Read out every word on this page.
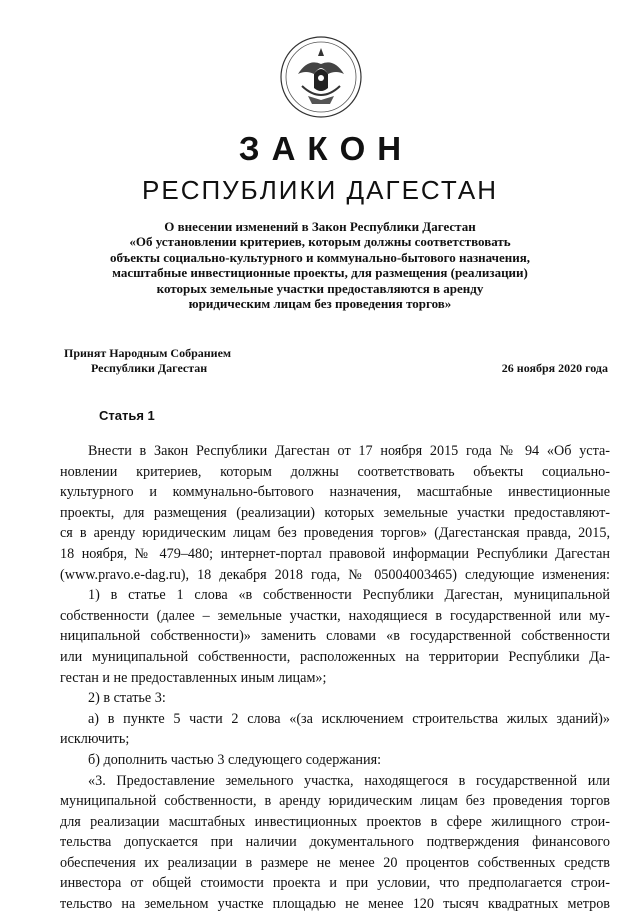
ЗАКОН
РЕСПУБЛИКИ ДАГЕСТАН
О внесении изменений в Закон Республики Дагестан
«Об установлении критериев, которым должны соответствовать
объекты социально-культурного и коммунально-бытового назначения,
масштабные инвестиционные проекты, для размещения (реализации)
которых земельные участки предоставляются в аренду
юридическим лицам без проведения торгов»
Принят Народным Собранием
Республики Дагестан	26 ноября 2020 года
Статья 1
Внести в Закон Республики Дагестан от 17 ноября 2015 года № 94 «Об уста-
новлении критериев, которым должны соответствовать объекты социально-
культурного и коммунально-бытового назначения, масштабные инвестиционные
проекты, для размещения (реализации) которых земельные участки предоставляют-
ся в аренду юридическим лицам без проведения торгов» (Дагестанская правда, 2015,
18 ноября, № 479–480; интернет-портал правовой информации Республики Дагестан
(www.pravo.e-dag.ru), 18 декабря 2018 года, № 05004003465) следующие изменения:
1) в статье 1 слова «в собственности Республики Дагестан, муниципальной
собственности (далее – земельные участки, находящиеся в государственной или му-
ниципальной собственности)» заменить словами «в государственной собственности
или муниципальной собственности, расположенных на территории Республики Да-
гестан и не предоставленных иным лицам»;
2) в статье 3:
а) в пункте 5 части 2 слова «(за исключением строительства жилых зданий)»
исключить;
б) дополнить частью 3 следующего содержания:
«3. Предоставление земельного участка, находящегося в государственной или
муниципальной собственности, в аренду юридическим лицам без проведения торгов
для реализации масштабных инвестиционных проектов в сфере жилищного строи-
тельства допускается при наличии документального подтверждения финансового
обеспечения их реализации в размере не менее 20 процентов собственных средств
инвестора от общей стоимости проекта и при условии, что предполагается строи-
тельство на земельном участке площадью не менее 120 тысяч квадратных метров
